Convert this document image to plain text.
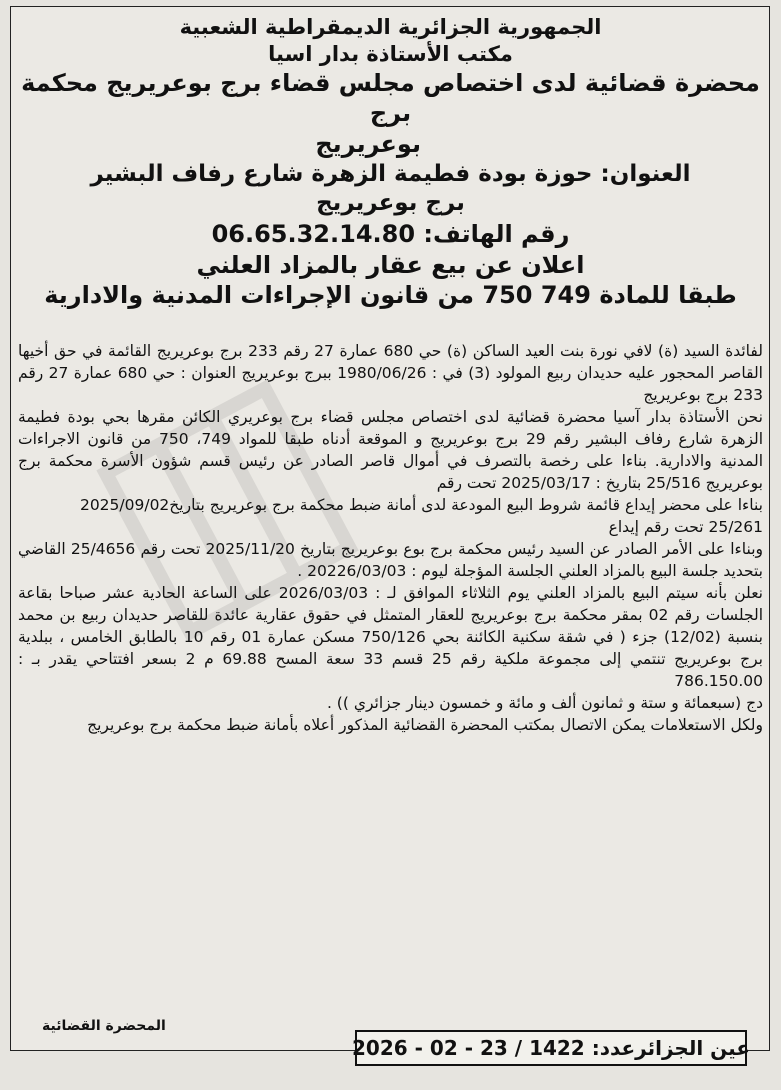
الجمهورية الجزائرية الديمقراطية الشعبية
مكتب الأستاذة بدار اسيا
محضرة قضائية لدى اختصاص مجلس قضاء برج بوعريريج محكمة برج
بوعريريج
العنوان: حوزة بودة فطيمة الزهرة شارع رفاف البشير
برج بوعريريج
رقم الهاتف: 06.65.32.14.80
اعلان عن بيع عقار بالمزاد العلني
طبقا للمادة 749 750 من قانون الإجراءات المدنية والادارية

لفائدة السيد (ة) لافي نورة بنت العيد الساكن (ة) حي 680 عمارة 27 رقم 233 برج بوعريريج القائمة في حق أخيها القاصر المحجور عليه حديدان ربيع المولود (3) في : 1980/06/26 ببرج بوعريريج العنوان : حي 680 عمارة 27 رقم 233 برج بوعريريج

نحن الأستاذة بدار آسيا محضرة قضائية لدى اختصاص مجلس قضاء برج بوعريري الكائن مقرها بحي بودة فطيمة الزهرة شارع رفاف البشير رقم 29 برج بوعريريج و الموقعة أدناه طبقا للمواد 749، 750 من قانون الاجراءات المدنية والادارية. بناءا على رخصة بالتصرف في أموال قاصر الصادر عن رئيس قسم شؤون الأسرة محكمة برج بوعريريج 25/516 بتاريخ : 2025/03/17 تحت رقم

بناءا على محضر إيداع قائمة شروط البيع المودعة لدى أمانة ضبط محكمة برج بوعريريج بتاريخ2025/09/02

25/261 تحت رقم إيداع

وبناءا على الأمر الصادر عن السيد رئيس محكمة برج بوع بوعريريج بتاريخ 2025/11/20 تحت رقم 25/4656 القاضي بتحديد جلسة البيع بالمزاد العلني الجلسة المؤجلة ليوم : 20226/03/03 .

نعلن بأنه سيتم البيع بالمزاد العلني يوم الثلاثاء الموافق لـ : 2026/03/03 على الساعة الحادية عشر صباحا بقاعة الجلسات رقم 02 بمقر محكمة برج بوعريريج للعقار المتمثل في حقوق عقارية عائدة للقاصر حديدان ربيع بن محمد بنسبة (12/02) جزء ( في شقة سكنية الكائنة بحي 750/126 مسكن عمارة 01 رقم 10 بالطابق الخامس ، ببلدية برج بوعريريج تنتمي إلى مجموعة ملكية رقم 25 قسم 33 سعة المسح 69.88 م 2 بسعر افتتاحي يقدر بـ : 786.150.00

دج (سبعمائة و ستة و ثمانون ألف و مائة و خمسون دينار جزائري )) .

ولكل الاستعلامات يمكن الاتصال بمكتب المحضرة القضائية المذكور أعلاه بأمانة ضبط محكمة برج بوعريريج

المحضرة القضائية
عين الجزائرعدد: 1422 / 23 - 02 - 2026
